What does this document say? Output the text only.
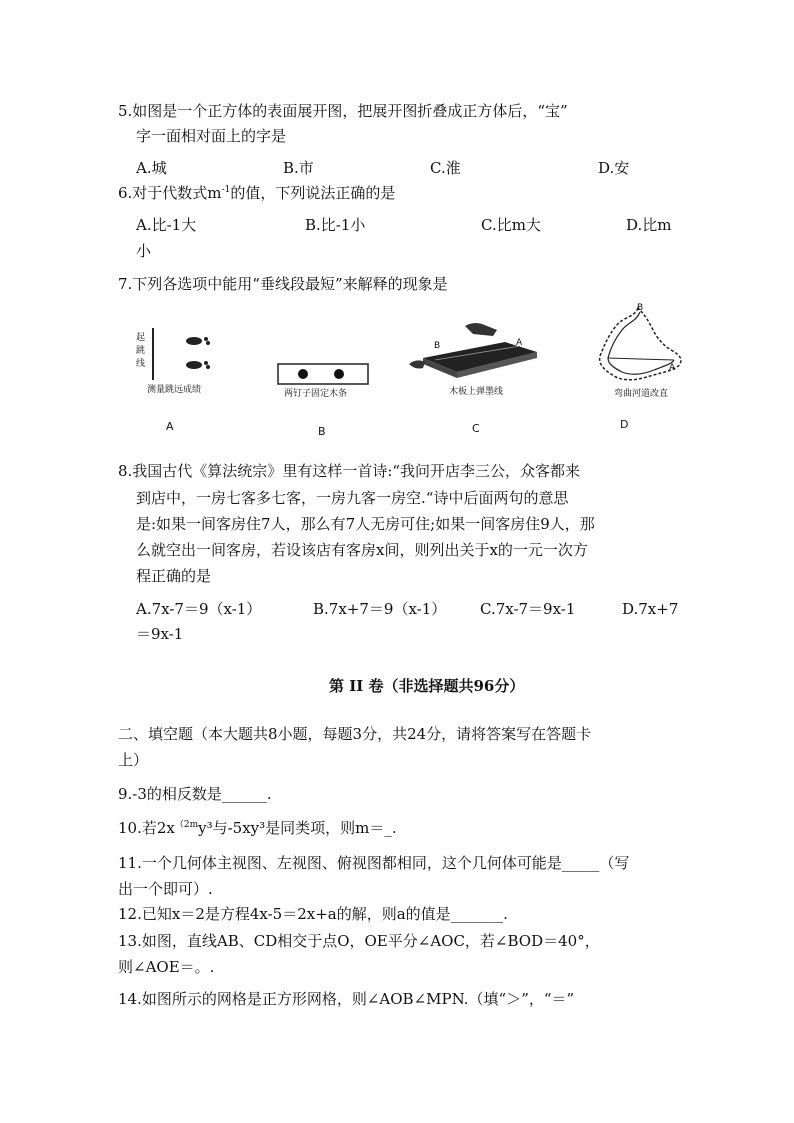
5.如图是一个正方体的表面展开图，把展开图折叠成正方体后，“宝”
字一面相对面上的字是
A.城	B.市	C.淮	D.安
6.对于代数式$m^{-1}$的值，下列说法正确的是
A.比-1大	B.比-1小	C.比m大	D.比m
小
7.下列各选项中能用“垂线段最短”来解释的现象是
起
跳
线
测量跳远成绩
A
两钉子固定木条
B
B	A
木板上弹墨线
C
B
A
弯曲河道改直
D
8.我国古代《算法统宗》里有这样一首诗:“我问开店李三公，众客都来
到店中，一房七客多七客，一房九客一房空.“诗中后面两句的意思
是:如果一间客房住7人，那么有7人无房可住;如果一间客房住9人，那
么就空出一间客房，若设该店有客房x间，则列出关于x的一元一次方
程正确的是
A.7x-7＝9（x-1）	B.7x+7＝9（x-1） C.7x-7＝9x-1	D.7x+7
＝9x-1
第 II 卷（非选择题共96分）
二、填空题（本大题共8小题，每题3分，共24分，请将答案写在答题卡
上）
9.-3的相反数是______.
10.若$2x^{(2m}y^3$与-5xy³是同类项，则m＝_.
11.一个几何体主视图、左视图、俯视图都相同，这个几何体可能是_____（写
出一个即可）.
12.已知x＝2是方程4x-5＝2x+a的解，则a的值是_______.
13.如图，直线AB、CD相交于点O，OE平分∠AOC，若∠BOD＝40°，
则∠AOE＝。.
14.如图所示的网格是正方形网格，则∠AOB∠MPN.（填“＞”，“＝”
